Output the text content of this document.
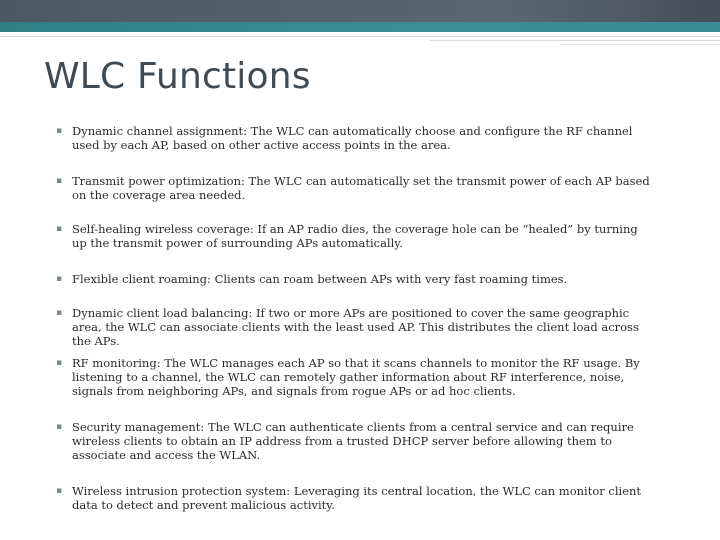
WLC Functions
▪ Dynamic channel assignment: The WLC can automatically choose and configure the RF channel used by each AP, based on other active access points in the area.
▪ Transmit power optimization: The WLC can automatically set the transmit power of each AP based on the coverage area needed.
▪ Self-healing wireless coverage: If an AP radio dies, the coverage hole can be “healed” by turning up the transmit power of surrounding APs automatically.
▪ Flexible client roaming: Clients can roam between APs with very fast roaming times.
▪ Dynamic client load balancing: If two or more APs are positioned to cover the same geographic area, the WLC can associate clients with the least used AP. This distributes the client load across the APs.
▪ RF monitoring: The WLC manages each AP so that it scans channels to monitor the RF usage. By listening to a channel, the WLC can remotely gather information about RF interference, noise, signals from neighboring APs, and signals from rogue APs or ad hoc clients.
▪ Security management: The WLC can authenticate clients from a central service and can require wireless clients to obtain an IP address from a trusted DHCP server before allowing them to associate and access the WLAN.
▪ Wireless intrusion protection system: Leveraging its central location, the WLC can monitor client data to detect and prevent malicious activity.
